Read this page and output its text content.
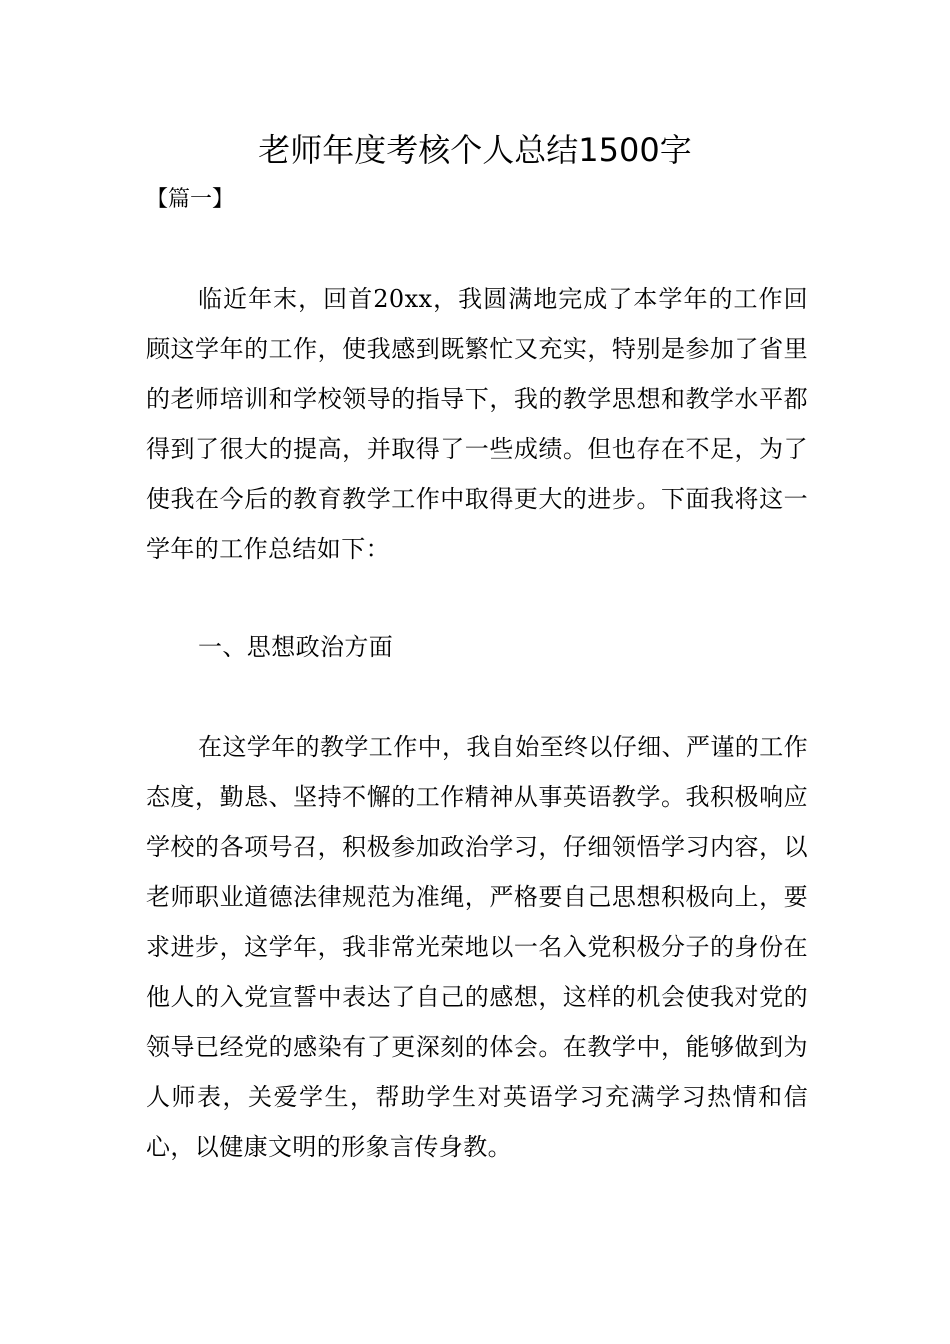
老师年度考核个人总结1500字
【篇一】

临近年末，回首20xx，我圆满地完成了本学年的工作回顾这学年的工作，使我感到既繁忙又充实，特别是参加了省里的老师培训和学校领导的指导下，我的教学思想和教学水平都得到了很大的提高，并取得了一些成绩。但也存在不足，为了使我在今后的教育教学工作中取得更大的进步。下面我将这一学年的工作总结如下：

一、思想政治方面

在这学年的教学工作中，我自始至终以仔细、严谨的工作态度，勤恳、坚持不懈的工作精神从事英语教学。我积极响应学校的各项号召，积极参加政治学习，仔细领悟学习内容，以老师职业道德法律规范为准绳，严格要自己思想积极向上，要求进步，这学年，我非常光荣地以一名入党积极分子的身份在他人的入党宣誓中表达了自己的感想，这样的机会使我对党的领导已经党的感染有了更深刻的体会。在教学中，能够做到为人师表，关爱学生，帮助学生对英语学习充满学习热情和信心，以健康文明的形象言传身教。
